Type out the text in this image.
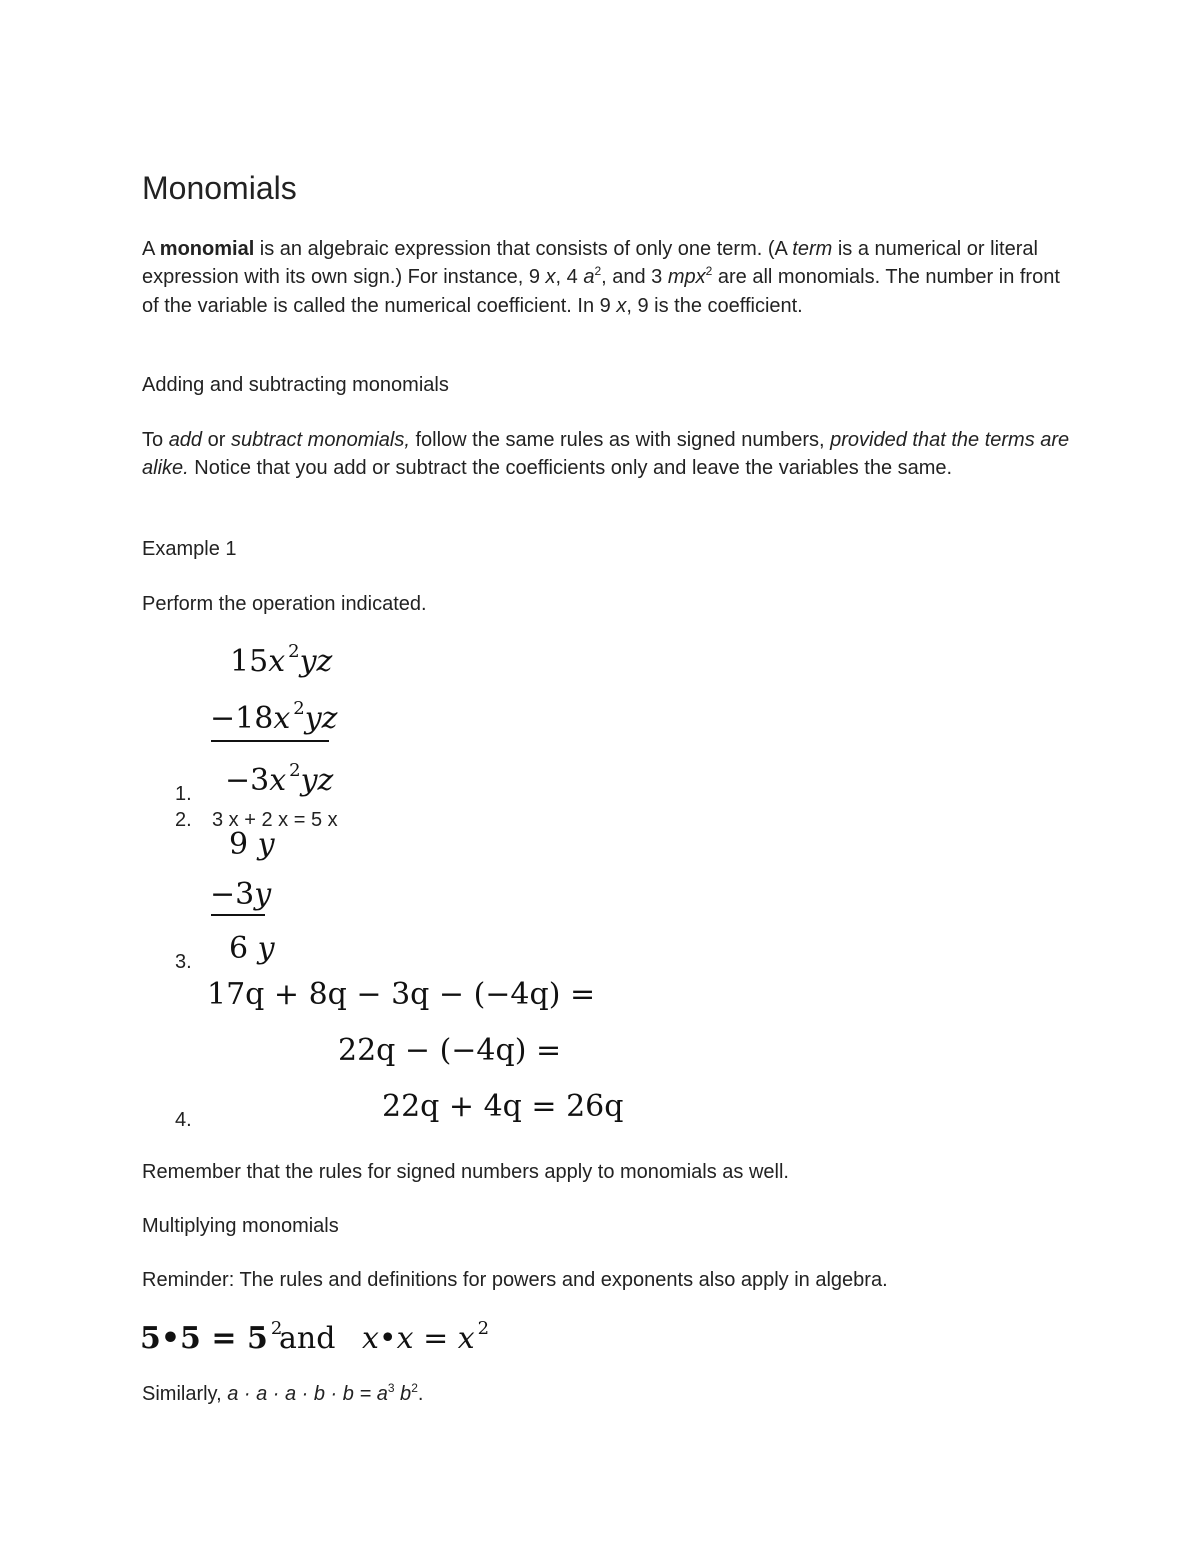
Monomials
A monomial is an algebraic expression that consists of only one term. (A term is a numerical or literal expression with its own sign.) For instance, 9 x, 4 $a^2$, and 3 mpx$^2$ are all monomials. The number in front of the variable is called the numerical coefficient. In 9 x, 9 is the coefficient.
Adding and subtracting monomials
To add or subtract monomials, follow the same rules as with signed numbers, provided that the terms are alike. Notice that you add or subtract the coefficients only and leave the variables the same.
Example 1
Perform the operation indicated.
15x $^2$yz
−18x $^2$yz
−3x $^2$yz
1.
2. 3 x + 2 x = 5 x
9 y
−3y
6 y
3.
17q + 8q − 3q − (−4q) =
22q − (−4q) =
22q + 4q = 26q
4.
Remember that the rules for signed numbers apply to monomials as well.
Multiplying monomials
Reminder: The rules and definitions for powers and exponents also apply in algebra.
5•5 = 5 $^2$
and x•x = x $^2$
Similarly, $a \cdot a \cdot a \cdot b \cdot b = a^3$ $b^2$.
